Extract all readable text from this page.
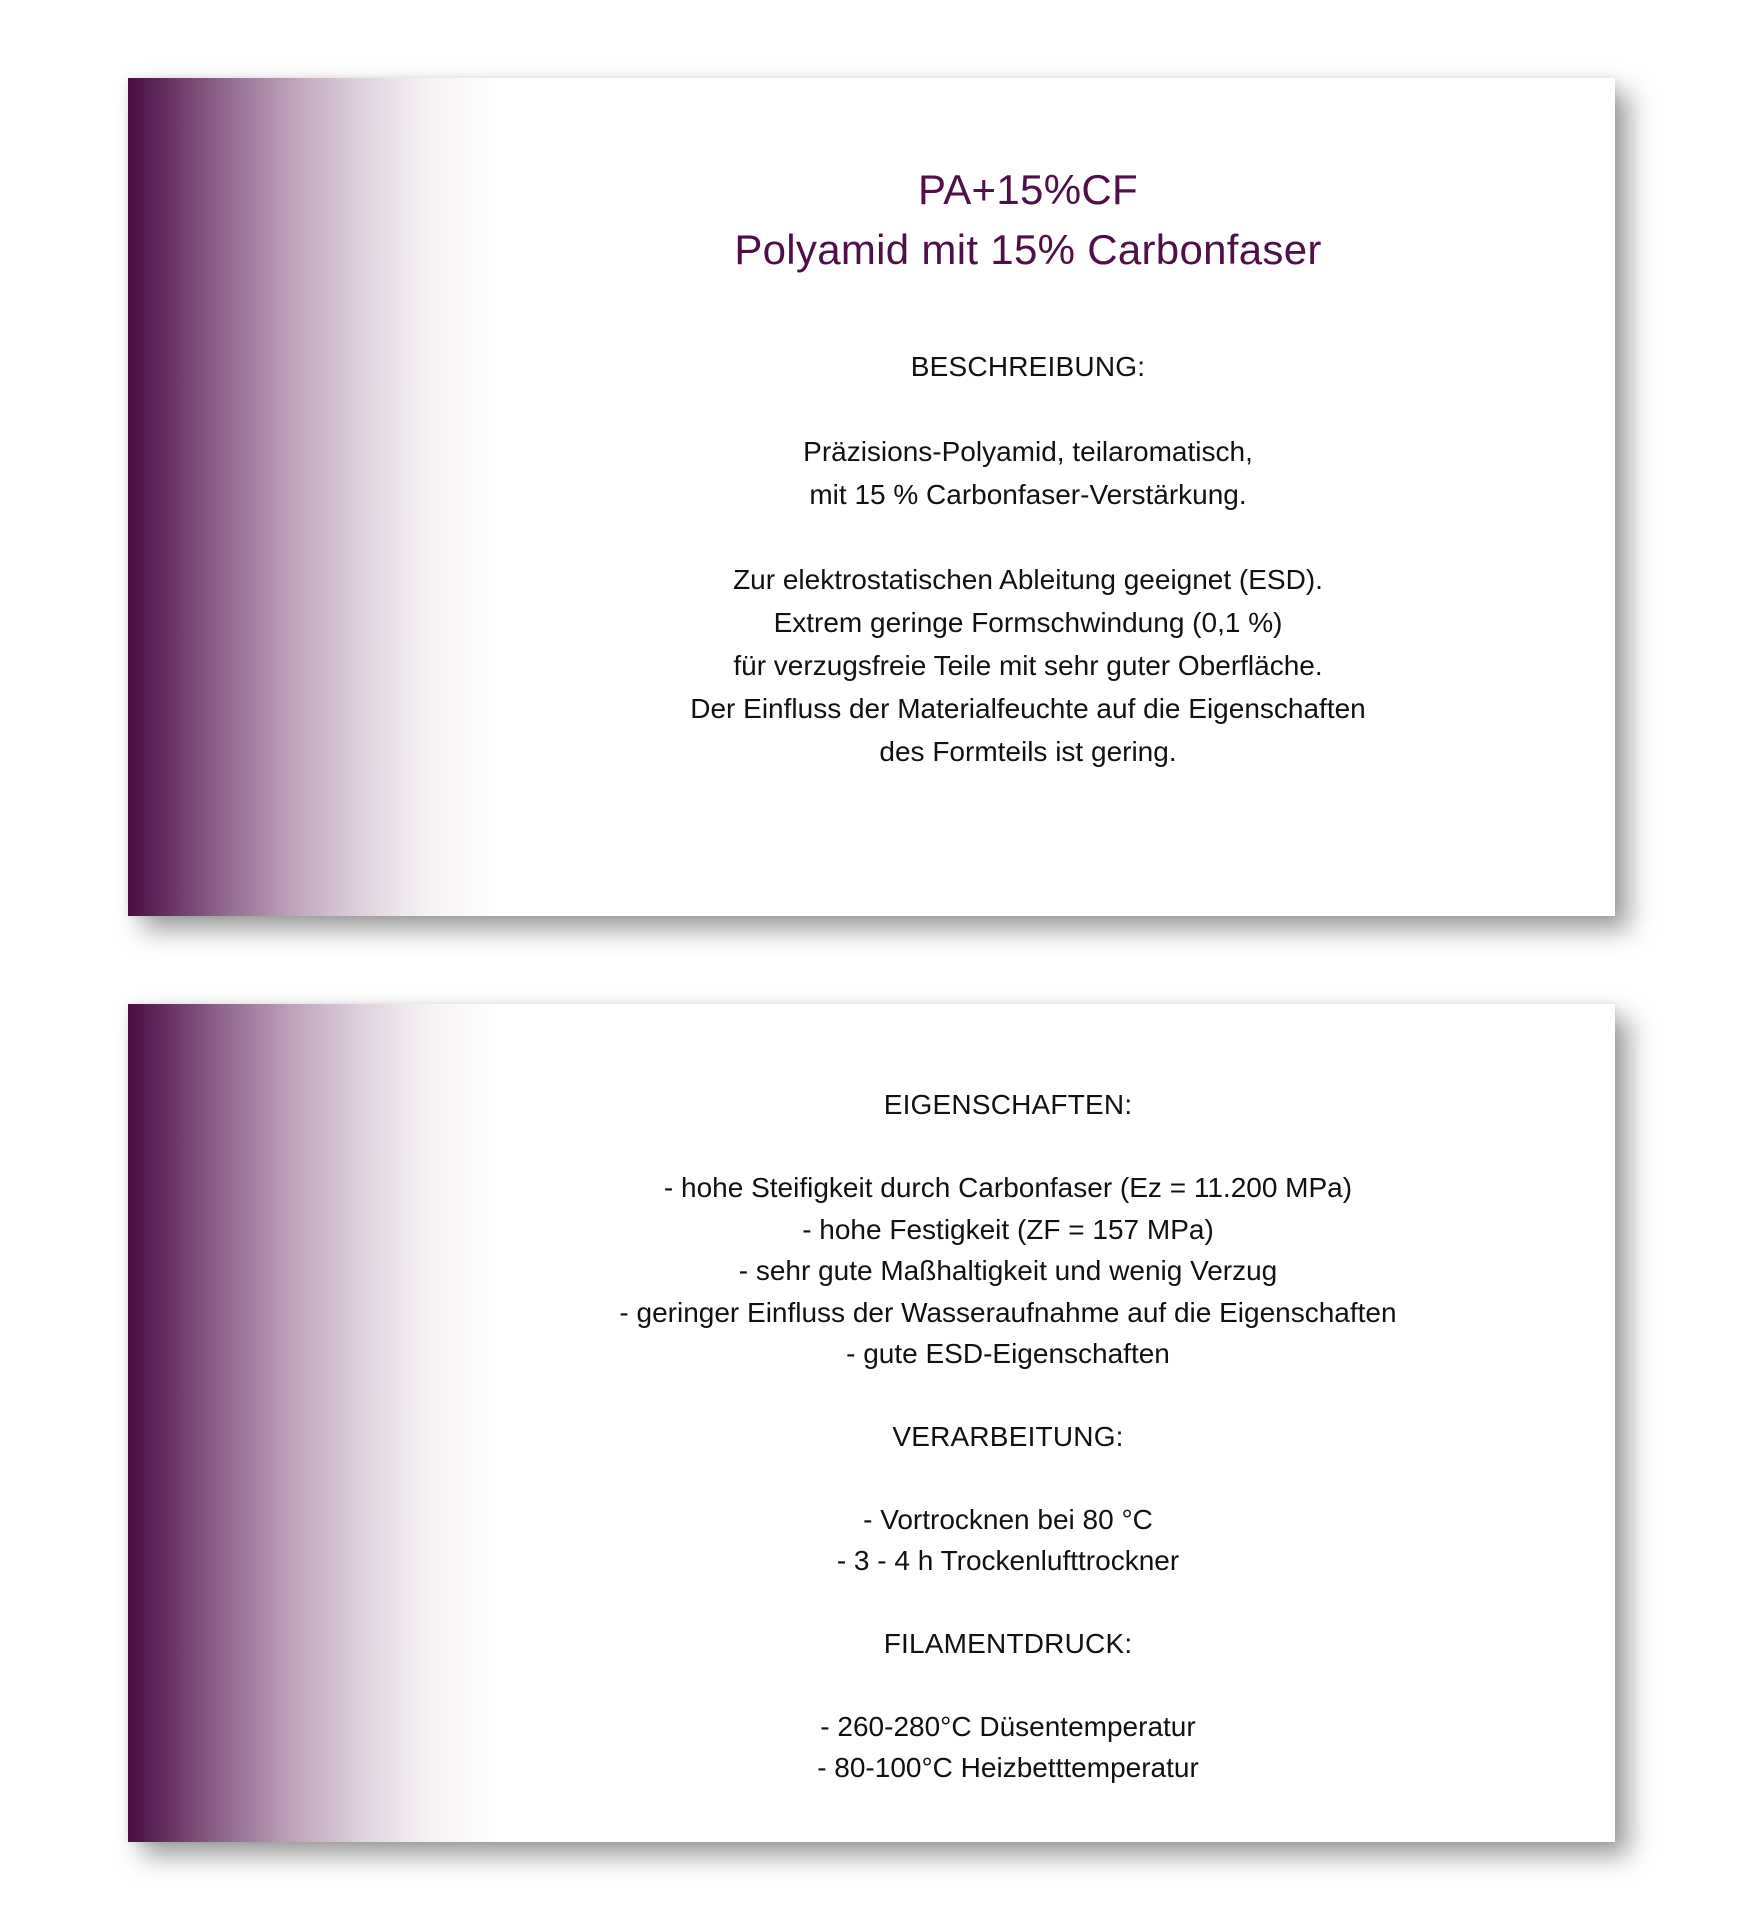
PA+15%CF
Polyamid mit 15% Carbonfaser
BESCHREIBUNG:
Präzisions-Polyamid, teilaromatisch,
mit 15 % Carbonfaser-Verstärkung.
Zur elektrostatischen Ableitung geeignet (ESD).
Extrem geringe Formschwindung (0,1 %)
für verzugsfreie Teile mit sehr guter Oberfläche.
Der Einfluss der Materialfeuchte auf die Eigenschaften
des Formteils ist gering.
EIGENSCHAFTEN:
- hohe Steifigkeit durch Carbonfaser (Ez = 11.200 MPa)
- hohe Festigkeit (ZF = 157 MPa)
- sehr gute Maßhaltigkeit und wenig Verzug
- geringer Einfluss der Wasseraufnahme auf die Eigenschaften
- gute ESD-Eigenschaften
VERARBEITUNG:
- Vortrocknen bei 80 °C
- 3 - 4 h Trockenlufttrockner
FILAMENTDRUCK:
- 260-280°C Düsentemperatur
- 80-100°C Heizbetttemperatur
